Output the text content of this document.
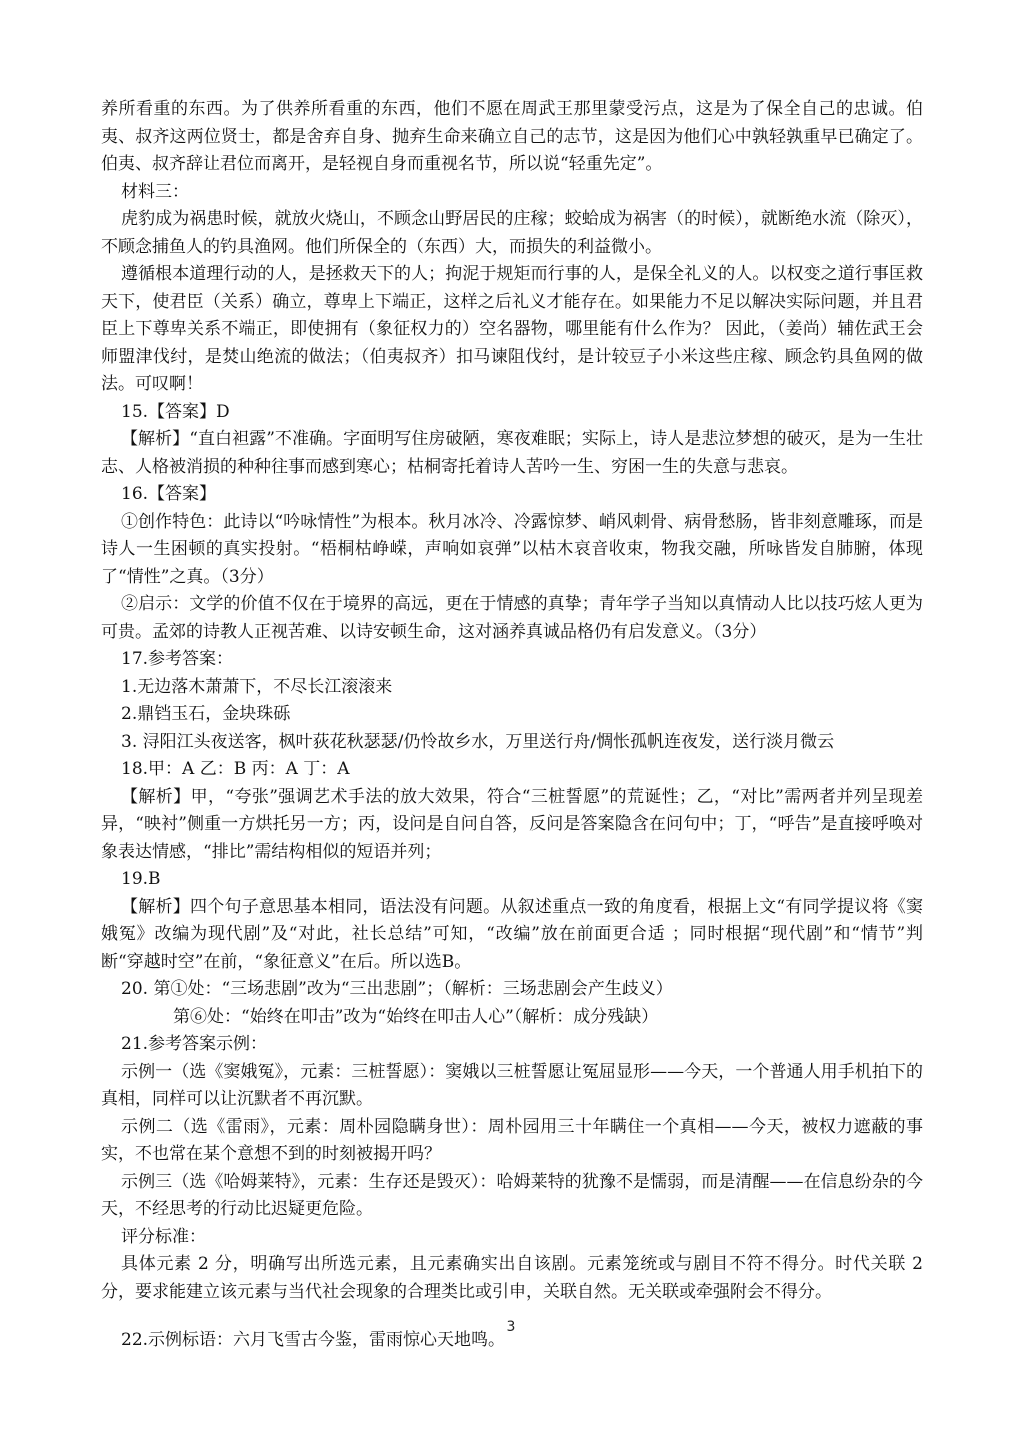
养所看重的东西。为了供养所看重的东西，他们不愿在周武王那里蒙受污点，这是为了保全自己的忠诚。伯夷、叔齐这两位贤士，都是舍弃自身、抛弃生命来确立自己的志节，这是因为他们心中孰轻孰重早已确定了。伯夷、叔齐辞让君位而离开，是轻视自身而重视名节，所以说“轻重先定”。

材料三：

虎豹成为祸患时候，就放火烧山，不顾念山野居民的庄稼；蛟蛤成为祸害（的时候），就断绝水流（除灭），不顾念捕鱼人的钓具渔网。他们所保全的（东西）大，而损失的利益微小。

遵循根本道理行动的人，是拯救天下的人；拘泥于规矩而行事的人，是保全礼义的人。以权变之道行事匡救天下，使君臣（关系）确立，尊卑上下端正，这样之后礼义才能存在。如果能力不足以解决实际问题，并且君臣上下尊卑关系不端正，即使拥有（象征权力的）空名器物，哪里能有什么作为？ 因此，（姜尚）辅佐武王会师盟津伐纣，是焚山绝流的做法；（伯夷叔齐）扣马谏阻伐纣，是计较豆子小米这些庄稼、顾念钓具鱼网的做法。可叹啊！

15.【答案】D

【解析】“直白袒露”不准确。字面明写住房破陋，寒夜难眠；实际上，诗人是悲泣梦想的破灭，是为一生壮志、人格被消损的种种往事而感到寒心；枯桐寄托着诗人苦吟一生、穷困一生的失意与悲哀。

16.【答案】

①创作特色：此诗以“吟咏情性”为根本。秋月冰冷、冷露惊梦、峭风刺骨、病骨愁肠，皆非刻意雕琢，而是诗人一生困顿的真实投射。“梧桐枯峥嵘，声响如哀弹”以枯木哀音收束，物我交融，所咏皆发自肺腑，体现了“情性”之真。（3分）

②启示：文学的价值不仅在于境界的高远，更在于情感的真挚；青年学子当知以真情动人比以技巧炫人更为可贵。孟郊的诗教人正视苦难、以诗安顿生命，这对涵养真诚品格仍有启发意义。（3分）

17.参考答案：

1.无边落木萧萧下，不尽长江滚滚来

2.鼎铛玉石，金块珠砾

3. 浔阳江头夜送客，枫叶荻花秋瑟瑟/仍怜故乡水，万里送行舟/惆怅孤帆连夜发，送行淡月微云

18.甲：A 乙：B 丙：A 丁：A

【解析】甲，“夸张”强调艺术手法的放大效果，符合“三桩誓愿”的荒诞性；乙，“对比”需两者并列呈现差异，“映衬”侧重一方烘托另一方；丙，设问是自问自答，反问是答案隐含在问句中；丁，“呼告”是直接呼唤对象表达情感，“排比”需结构相似的短语并列；

19.B

【解析】四个句子意思基本相同，语法没有问题。从叙述重点一致的角度看，根据上文“有同学提议将《窦娥冤》改编为现代剧”及“对此，社长总结”可知，“改编”放在前面更合适 ；同时根据“现代剧”和“情节”判断“穿越时空”在前，“象征意义”在后。所以选B。

20. 第①处：“三场悲剧”改为“三出悲剧”；（解析：三场悲剧会产生歧义）

第⑥处：“始终在叩击”改为“始终在叩击人心”（解析：成分残缺）

21.参考答案示例：

示例一（选《窦娥冤》，元素：三桩誓愿）：窦娥以三桩誓愿让冤屈显形——今天，一个普通人用手机拍下的真相，同样可以让沉默者不再沉默。

示例二（选《雷雨》，元素：周朴园隐瞒身世）：周朴园用三十年瞒住一个真相——今天，被权力遮蔽的事实，不也常在某个意想不到的时刻被揭开吗？

示例三（选《哈姆莱特》，元素：生存还是毁灭）：哈姆莱特的犹豫不是懦弱，而是清醒——在信息纷杂的今天，不经思考的行动比迟疑更危险。

评分标准：

具体元素 2 分，明确写出所选元素，且元素确实出自该剧。元素笼统或与剧目不符不得分。时代关联 2分，要求能建立该元素与当代社会现象的合理类比或引申，关联自然。无关联或牵强附会不得分。

22.示例标语：六月飞雪古今鉴，雷雨惊心天地鸣。

3
